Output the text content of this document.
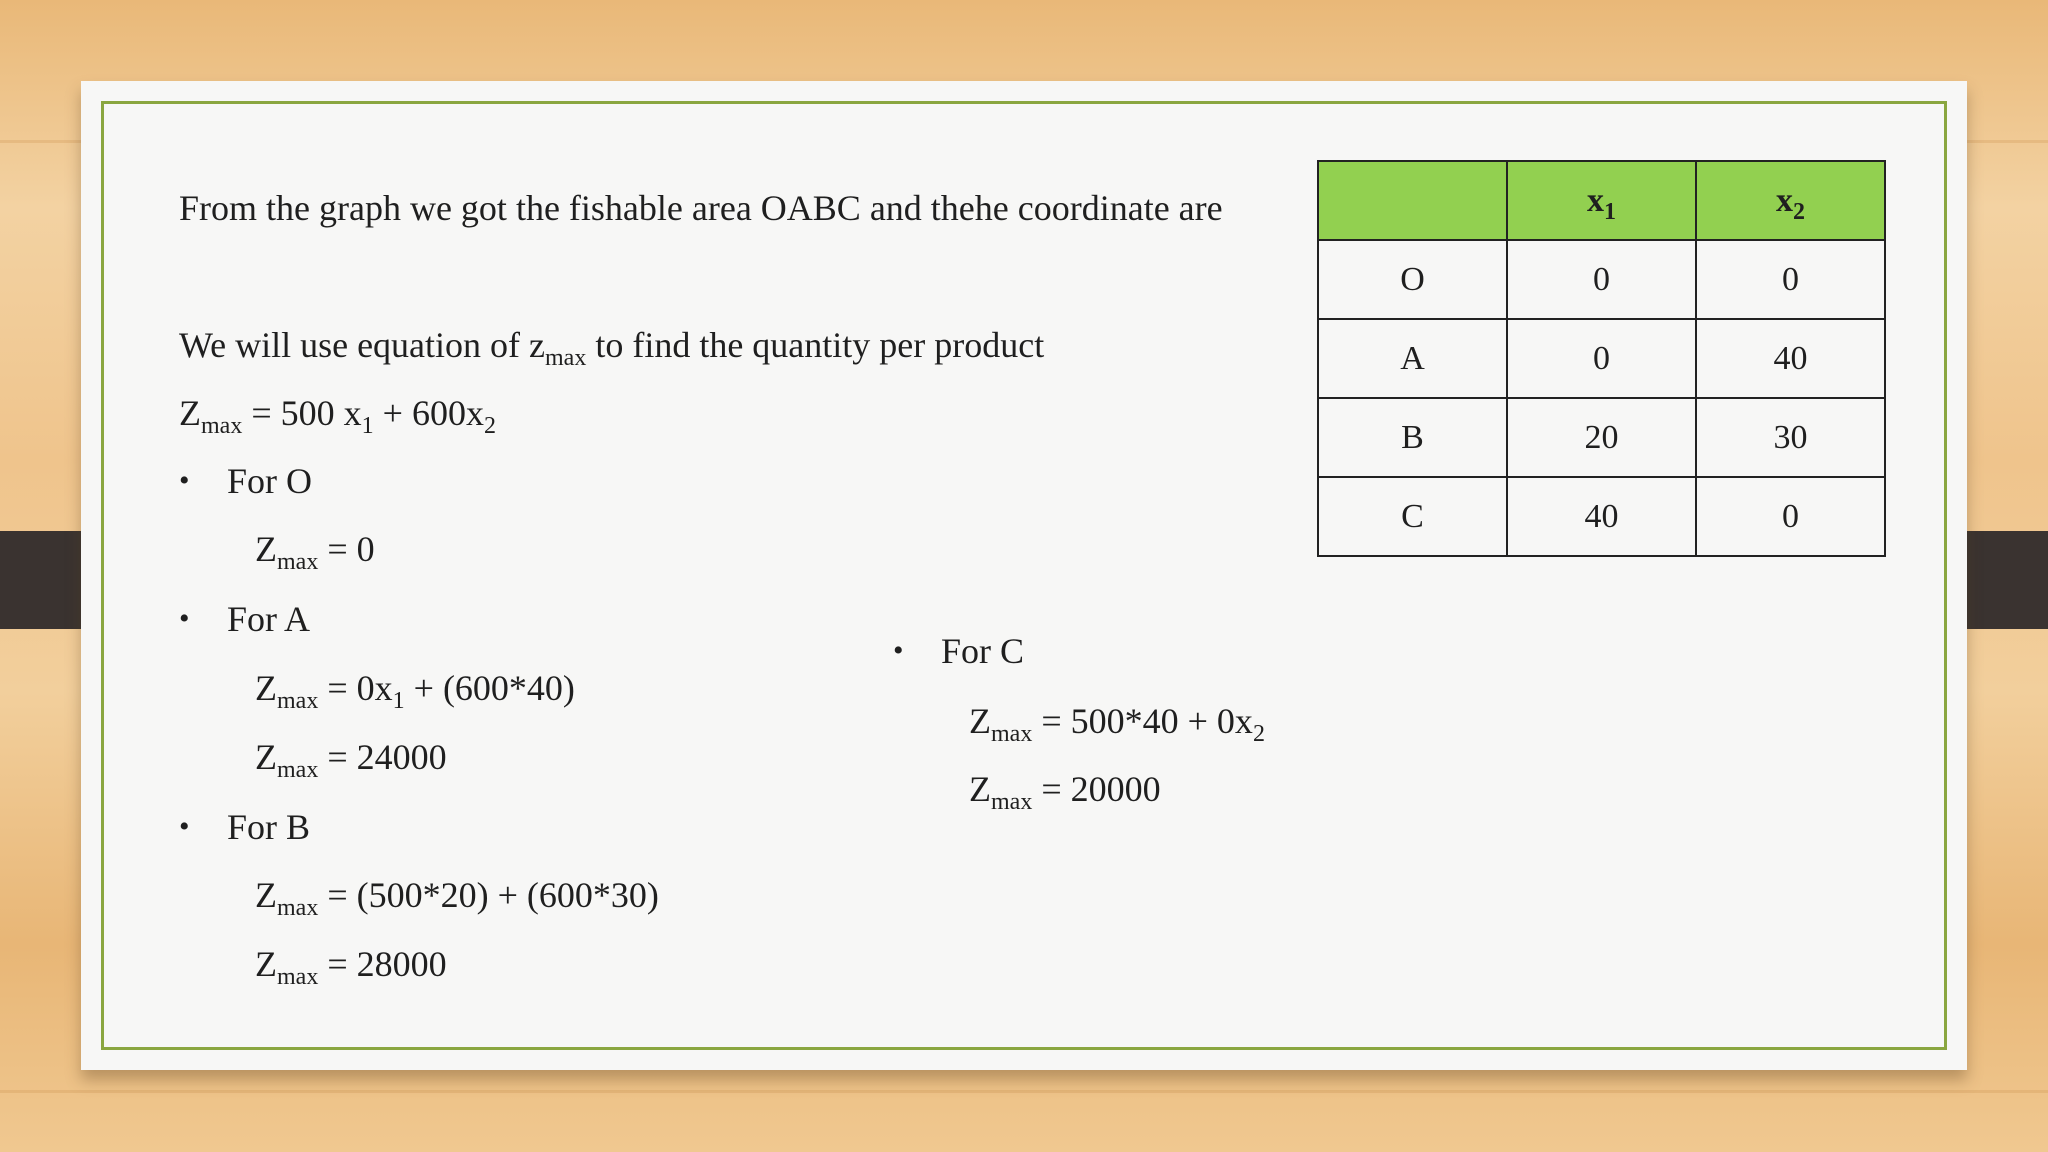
From the graph we got the fishable area OABC and thehe coordinate are
We will use equation of $z_{max}$ to find the quantity per product
$Z_{max} = 500$ $x_1 + 600x_2$
• For O
$Z_{max} = 0$
• For A
$Z_{max} = 0x_1 + (600*40)$
$Z_{max} = 24000$
• For B
$Z_{max} = (500*20) + (600*30)$
$Z_{max} = 28000$
• For C
$Z_{max} = 500*40 + 0x_2$
$Z_{max} = 20000$
	$x_1$	$x_2$
O	0	0
A	0	40
B	20	30
C	40	0
